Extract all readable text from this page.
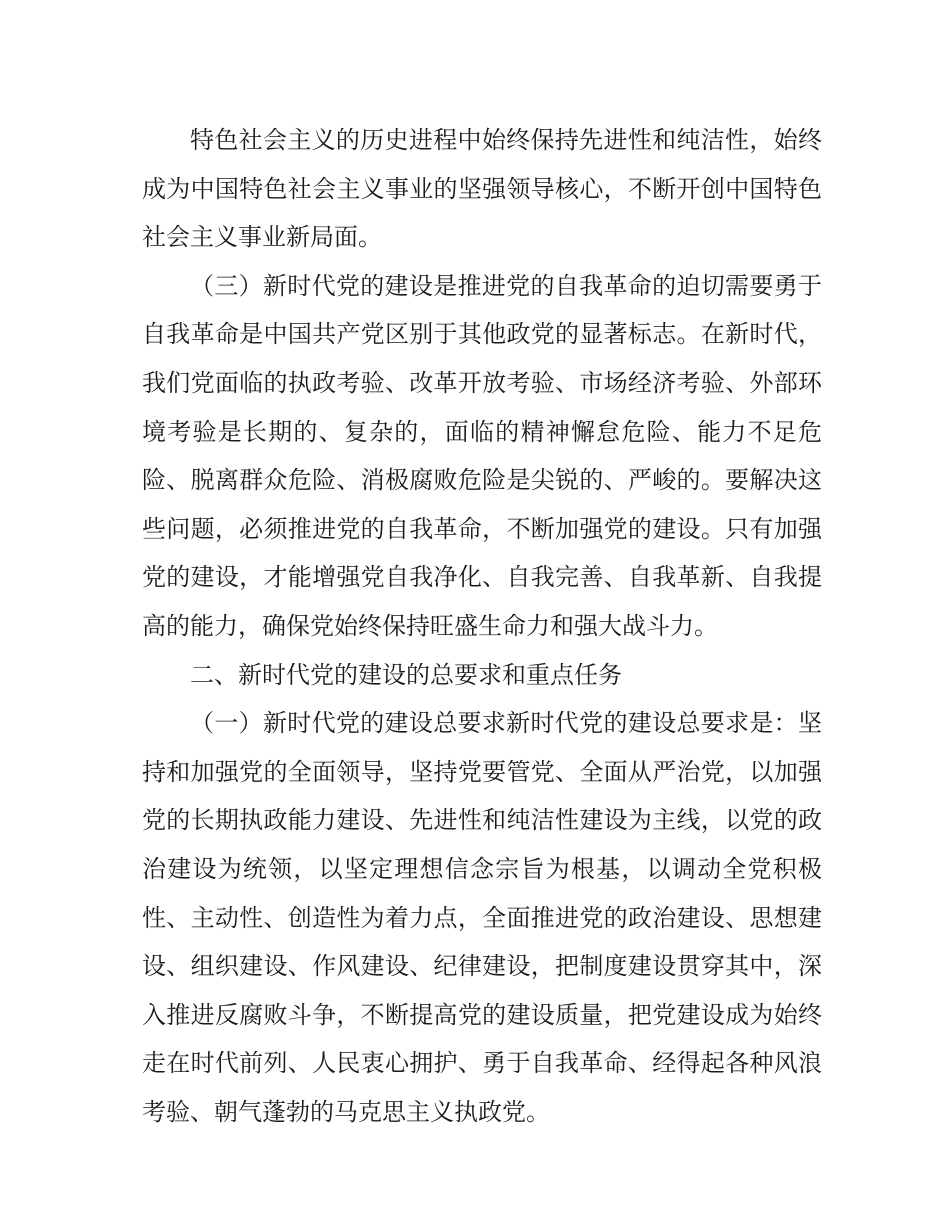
特色社会主义的历史进程中始终保持先进性和纯洁性，始终成为中国特色社会主义事业的坚强领导核心，不断开创中国特色社会主义事业新局面。

（三）新时代党的建设是推进党的自我革命的迫切需要勇于自我革命是中国共产党区别于其他政党的显著标志。在新时代，我们党面临的执政考验、改革开放考验、市场经济考验、外部环境考验是长期的、复杂的，面临的精神懈怠危险、能力不足危险、脱离群众危险、消极腐败危险是尖锐的、严峻的。要解决这些问题，必须推进党的自我革命，不断加强党的建设。只有加强党的建设，才能增强党自我净化、自我完善、自我革新、自我提高的能力，确保党始终保持旺盛生命力和强大战斗力。

二、新时代党的建设的总要求和重点任务

（一）新时代党的建设总要求新时代党的建设总要求是：坚持和加强党的全面领导，坚持党要管党、全面从严治党，以加强党的长期执政能力建设、先进性和纯洁性建设为主线，以党的政治建设为统领，以坚定理想信念宗旨为根基，以调动全党积极性、主动性、创造性为着力点，全面推进党的政治建设、思想建设、组织建设、作风建设、纪律建设，把制度建设贯穿其中，深入推进反腐败斗争，不断提高党的建设质量，把党建设成为始终走在时代前列、人民衷心拥护、勇于自我革命、经得起各种风浪考验、朝气蓬勃的马克思主义执政党。
